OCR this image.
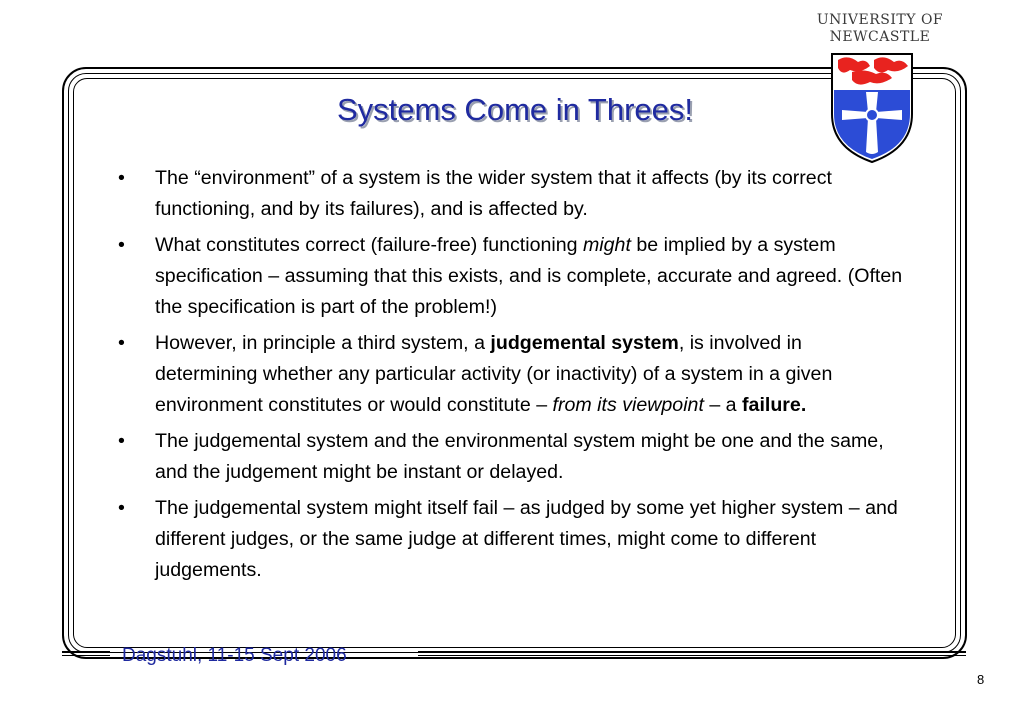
UNIVERSITY OF
NEWCASTLE
Systems Come in Threes!
• The “environment” of a system is the wider system that it affects (by its correct functioning, and by its failures), and is affected by.
• What constitutes correct (failure-free) functioning might be implied by a system specification – assuming that this exists, and is complete, accurate and agreed. (Often the specification is part of the problem!)
• However, in principle a third system, a judgemental system, is involved in determining whether any particular activity (or inactivity) of a system in a given environment constitutes or would constitute – from its viewpoint – a failure.
• The judgemental system and the environmental system might be one and the same, and the judgement might be instant or delayed.
• The judgemental system might itself fail – as judged by some yet higher system – and different judges, or the same judge at different times, might come to different judgements.
Dagstuhl, 11-15 Sept 2006
8
